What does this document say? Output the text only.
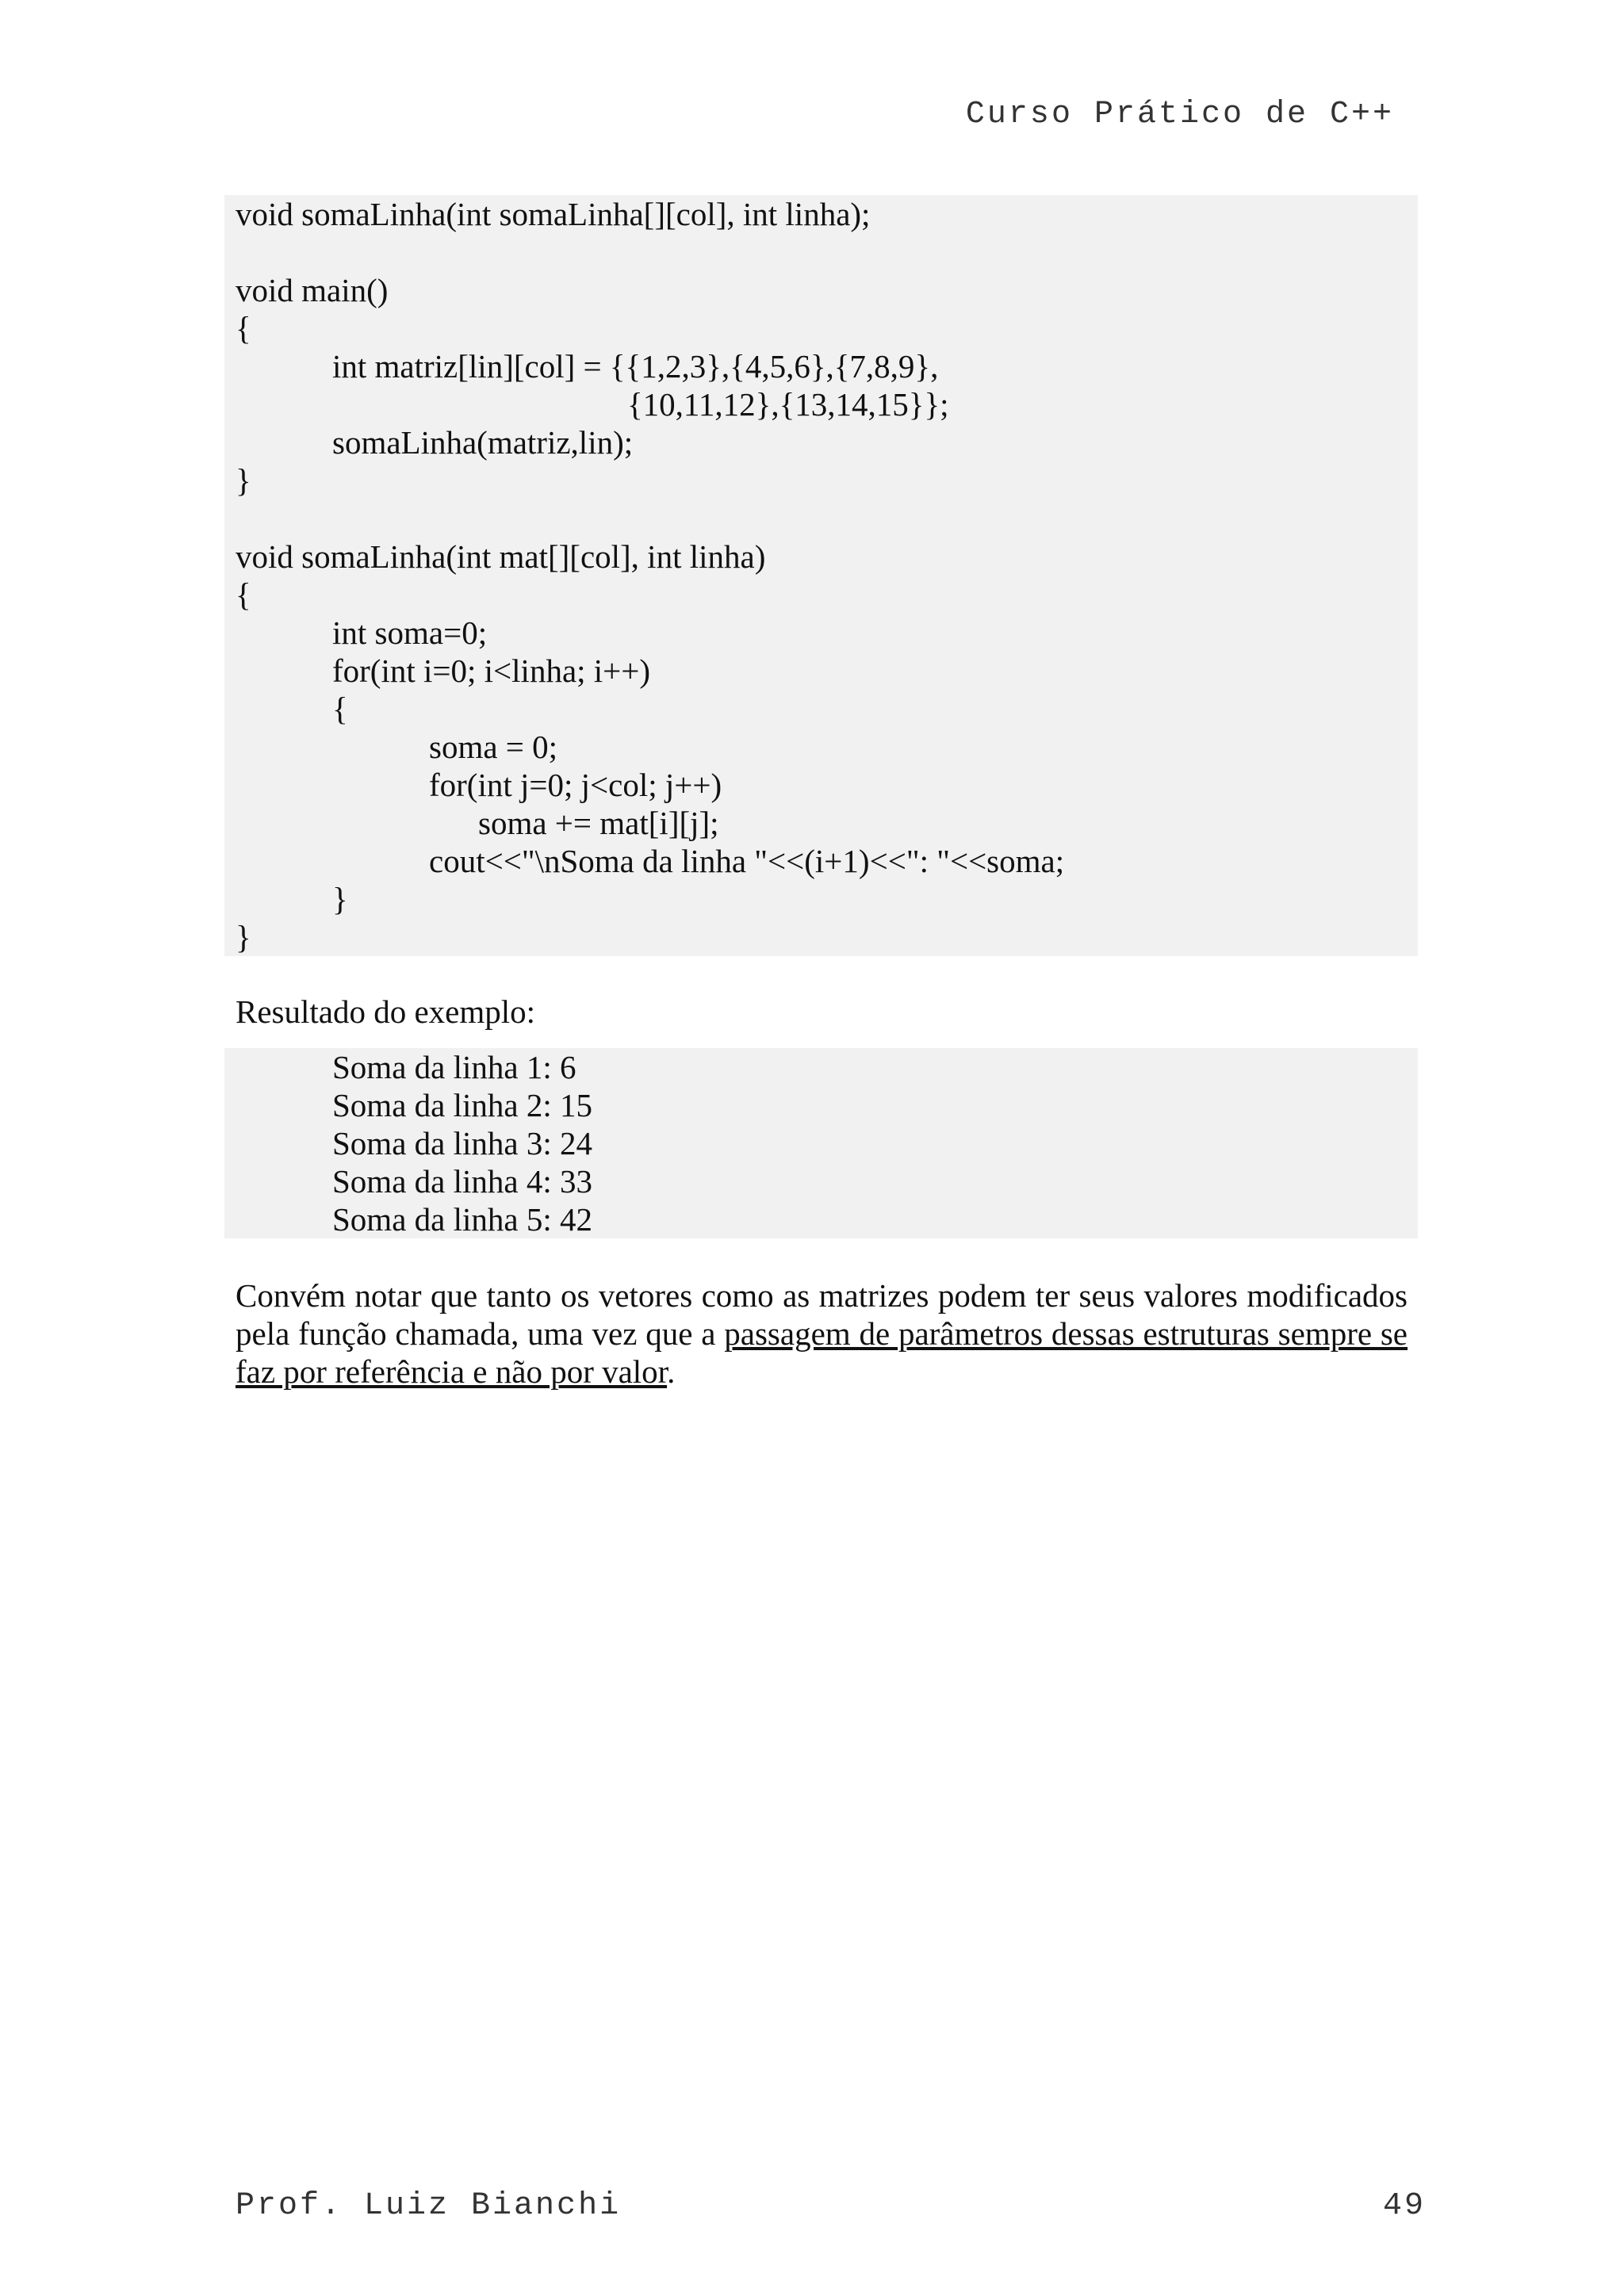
Curso Prático de C++
void somaLinha(int somaLinha[][col], int linha);
void main()
{
int matriz[lin][col] = {{1,2,3},{4,5,6},{7,8,9},
{10,11,12},{13,14,15}};
somaLinha(matriz,lin);
}
void somaLinha(int mat[][col], int linha)
{
int soma=0;
for(int i=0; i<linha; i++)
{
soma = 0;
for(int j=0; j<col; j++)
soma += mat[i][j];
cout<<"\nSoma da linha "<<(i+1)<<": "<<soma;
}
}
Resultado do exemplo:
Soma da linha 1: 6
Soma da linha 2: 15
Soma da linha 3: 24
Soma da linha 4: 33
Soma da linha 5: 42
Convém notar que tanto os vetores como as matrizes podem ter seus valores modificados pela função chamada, uma vez que a passagem de parâmetros dessas estruturas sempre se faz por referência e não por valor.
Prof. Luiz Bianchi	49
